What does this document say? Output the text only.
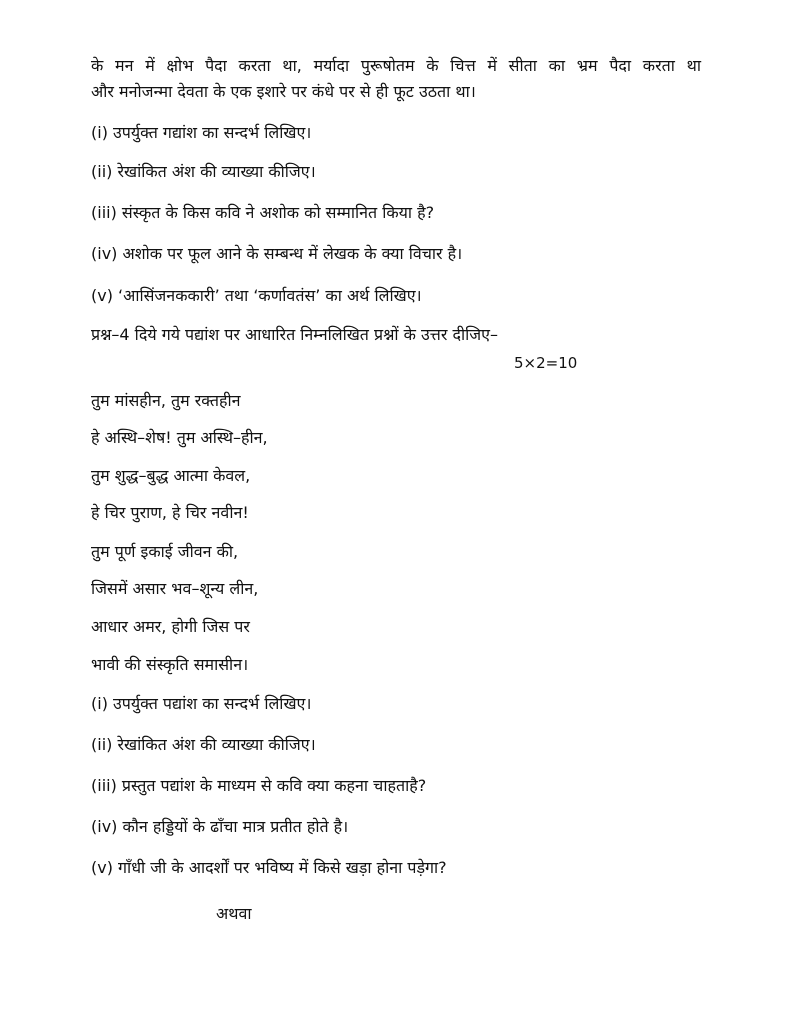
के मन में क्षोभ पैदा करता था, मर्यादा पुरूषोतम के चित्त में सीता का भ्रम पैदा करता था
और मनोजन्मा देवता के एक इशारे पर कंधे पर से ही फूट उठता था।
(i) उपर्युक्त गद्यांश का सन्दर्भ लिखिए।
(ii) रेखांकित अंश की व्याख्या कीजिए।
(iii) संस्कृत के किस कवि ने अशोक को सम्मानित किया है?
(iv) अशोक पर फूल आने के सम्बन्ध में लेखक के क्या विचार है।
(v) ‘आसिंजनककारी’ तथा ‘कर्णावतंस’ का अर्थ लिखिए।
प्रश्न–4 दिये गये पद्यांश पर आधारित निम्नलिखित प्रश्नों के उत्तर दीजिए–
5×2=10
तुम मांसहीन, तुम रक्तहीन
हे अस्थि–शेष! तुम अस्थि–हीन,
तुम शुद्ध–बुद्ध आत्मा केवल,
हे चिर पुराण, हे चिर नवीन!
तुम पूर्ण इकाई जीवन की,
जिसमें असार भव–शून्य लीन,
आधार अमर, होगी जिस पर
भावी की संस्कृति समासीन।
(i) उपर्युक्त पद्यांश का सन्दर्भ लिखिए।
(ii) रेखांकित अंश की व्याख्या कीजिए।
(iii) प्रस्तुत पद्यांश के माध्यम से कवि क्या कहना चाहताहै?
(iv) कौन हड्डियों के ढाँचा मात्र प्रतीत होते है।
(v) गाँधी जी के आदर्शों पर भविष्य में किसे खड़ा होना पड़ेगा?
अथवा
